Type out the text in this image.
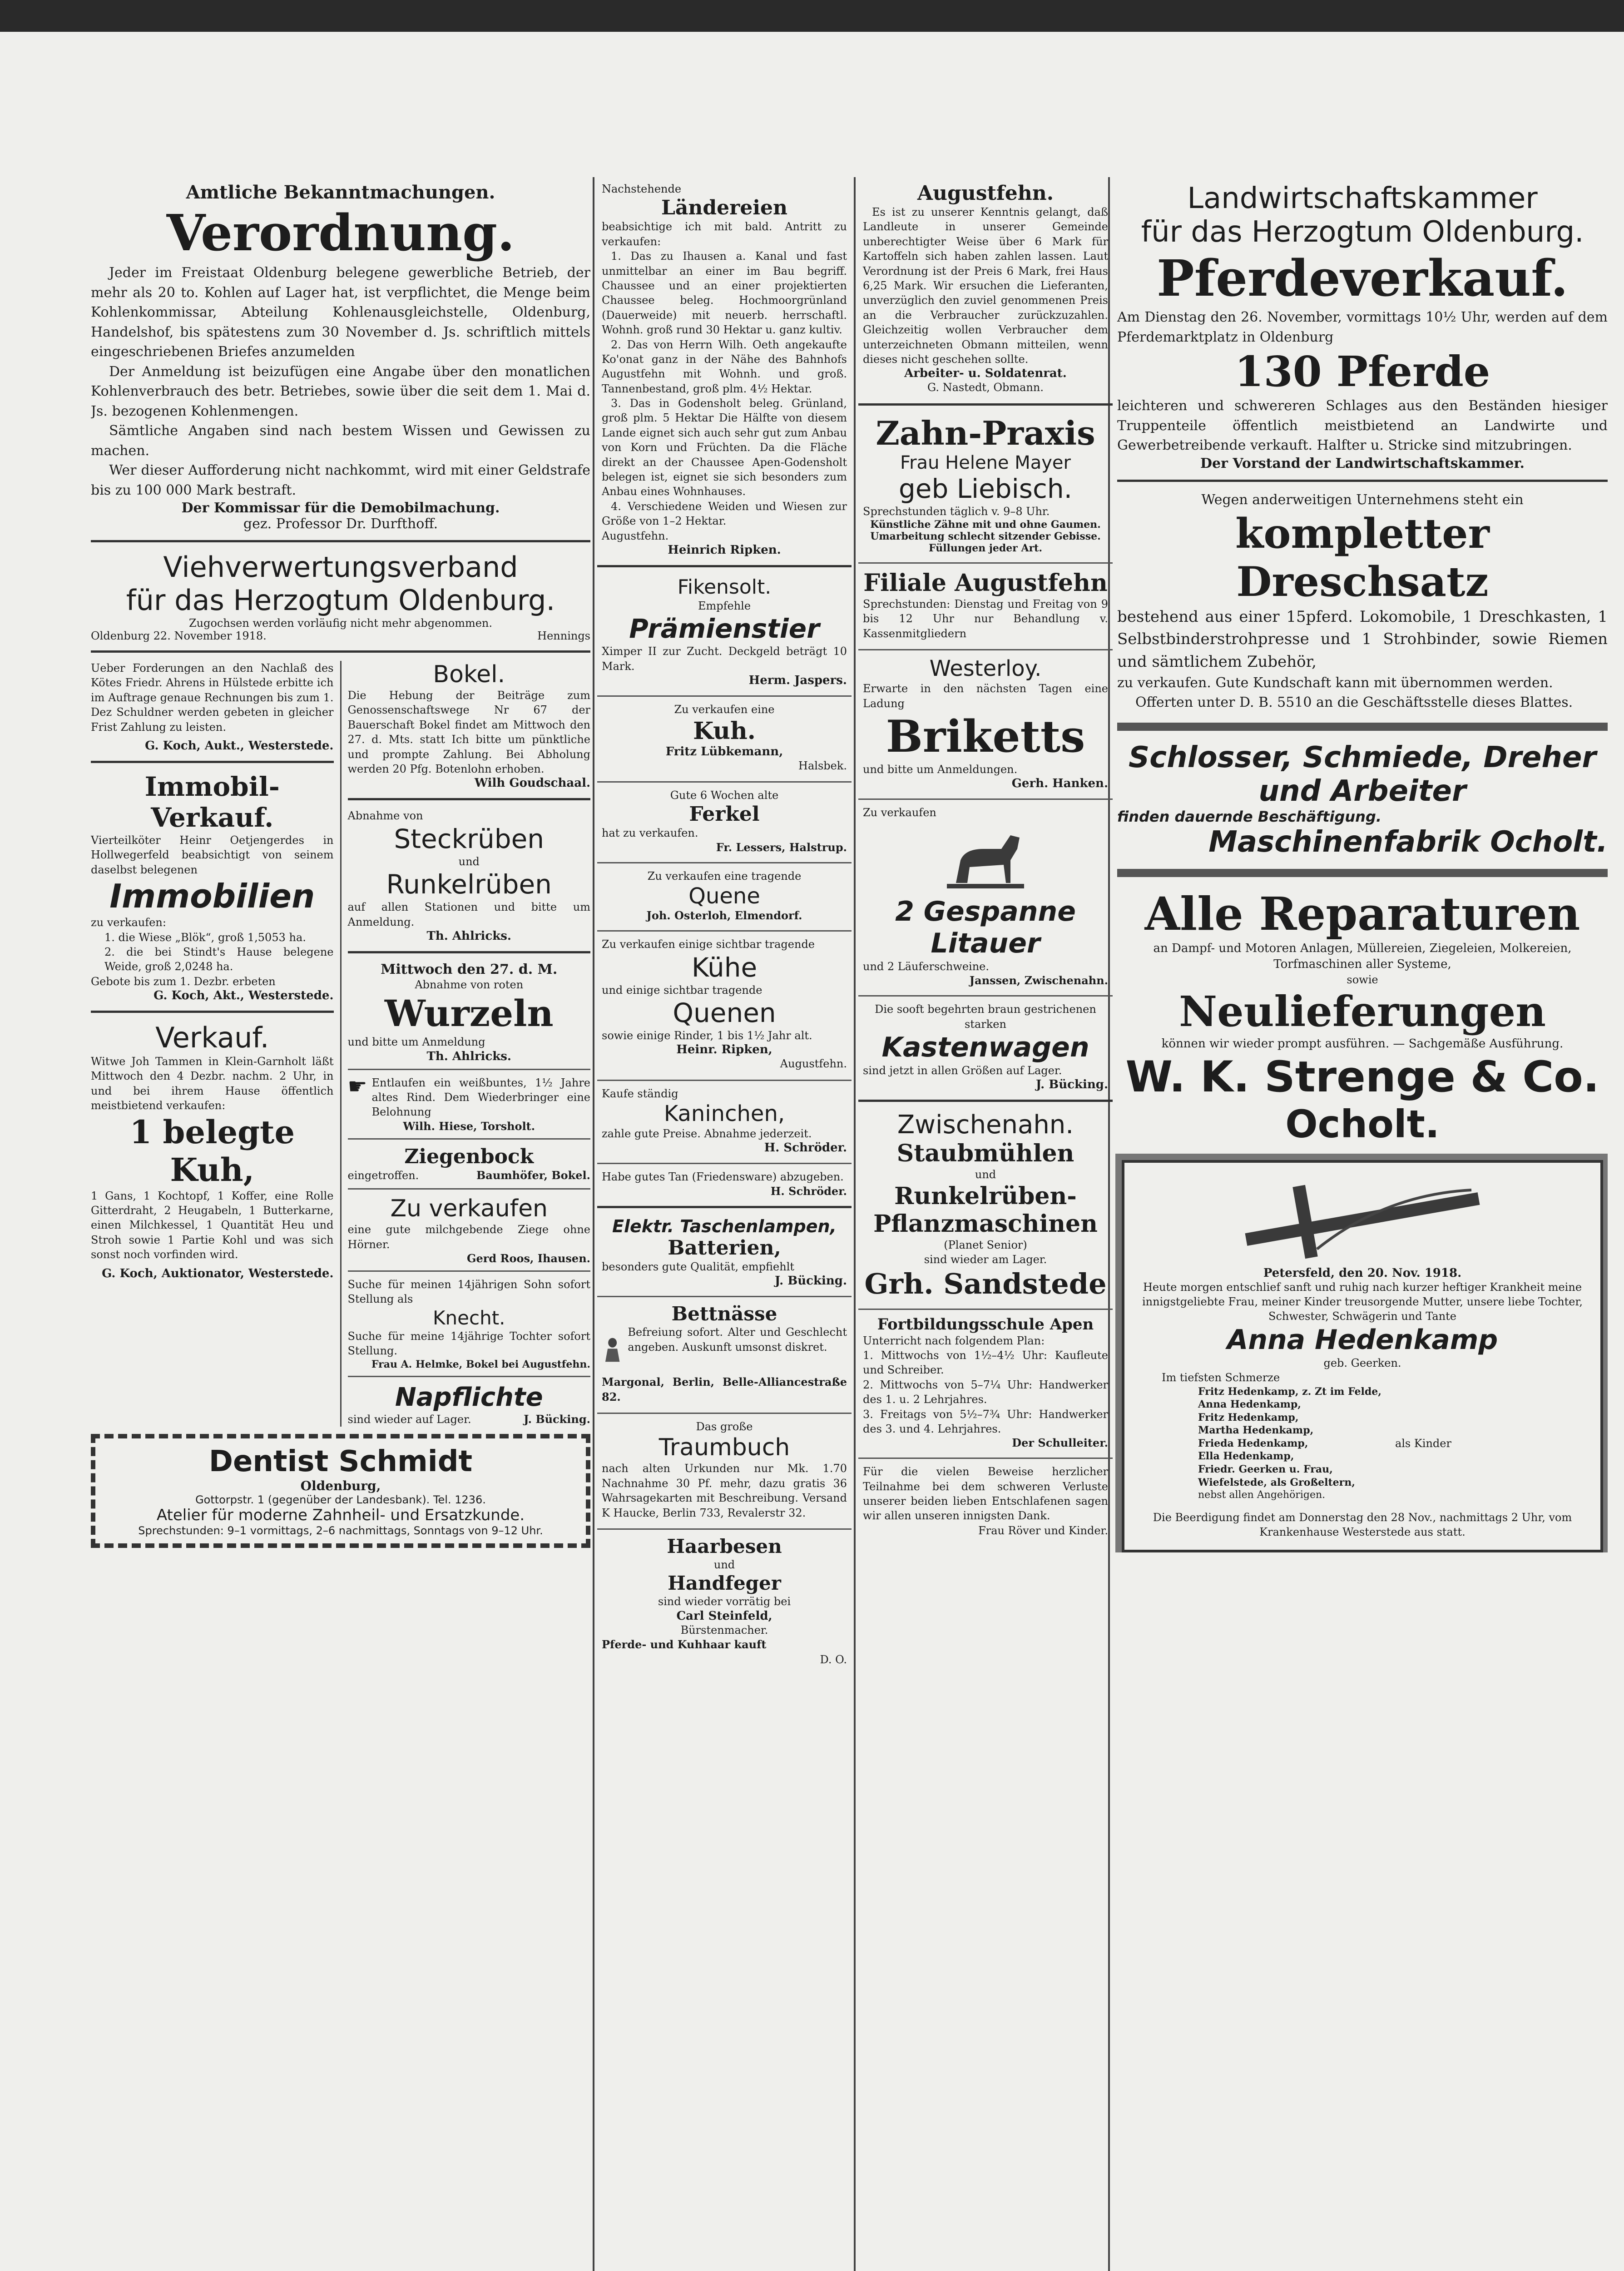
Amtliche Bekanntmachungen.

Verordnung.

Jeder im Freistaat Oldenburg belegene gewerbliche Betrieb, der mehr als 20 to. Kohlen auf Lager hat, ist verpflichtet, die Menge beim Kohlenkommissar, Abteilung Kohlenausgleichstelle, Oldenburg, Handelshof, bis spätestens zum 30 November d. Js. schriftlich mittels eingeschriebenen Briefes anzumelden

Der Anmeldung ist beizufügen eine Angabe über den monatlichen Kohlenverbrauch des betr. Betriebes, sowie über die seit dem 1. Mai d. Js. bezogenen Kohlenmengen.

Sämtliche Angaben sind nach bestem Wissen und Gewissen zu machen.

Wer dieser Aufforderung nicht nachkommt, wird mit einer Geldstrafe bis zu 100 000 Mark bestraft.

Der Kommissar für die Demobilmachung.

gez. Professor Dr. Durfthoff.

Viehverwertungsverband

für das Herzogtum Oldenburg.

Zugochsen werden vorläufig nicht mehr abgenommen.

Oldenburg 22. November 1918.	Hennings

Ueber Forderungen an den Nachlaß des Kötes Friedr. Ahrens in Hülstede erbitte ich im Auftrage genaue Rechnungen bis zum 1. Dez Schuldner werden gebeten in gleicher Frist Zahlung zu leisten.

G. Koch, Aukt., Westerstede.

Immobil-Verkauf.

Vierteilköter Heinr Oetjengerdes in Hollwegerfeld beabsichtigt von seinem daselbst belegenen

Immobilien

zu verkaufen:

1. die Wiese „Blök“, groß 1,5053 ha.

2. die bei Stindt's Hause belegene Weide, groß 2,0248 ha.

Gebote bis zum 1. Dezbr. erbeten

G. Koch, Akt., Westerstede.

Verkauf.

Witwe Joh Tammen in Klein-Garnholt läßt Mittwoch den 4 Dezbr. nachm. 2 Uhr, in und bei ihrem Hause öffentlich meistbietend verkaufen:

1 belegte Kuh,

1 Gans, 1 Kochtopf, 1 Koffer, eine Rolle Gitterdraht, 2 Heugabeln, 1 Butterkarne, einen Milchkessel, 1 Quantität Heu und Stroh sowie 1 Partie Kohl und was sich sonst noch vorfinden wird.

G. Koch, Auktionator, Westerstede.

Bokel.

Die Hebung der Beiträge zum Genossenschaftswege Nr 67 der Bauerschaft Bokel findet am Mittwoch den 27. d. Mts. statt Ich bitte um pünktliche und prompte Zahlung. Bei Abholung werden 20 Pfg. Botenlohn erhoben.

Wilh Goudschaal.

Abnahme von

Steckrüben

und

Runkelrüben

auf allen Stationen und bitte um Anmeldung.

Th. Ahlricks.

Mittwoch den 27. d. M.

Abnahme von roten

Wurzeln

und bitte um Anmeldung

Th. Ahlricks.

☛ Entlaufen ein weißbuntes, 1½ Jahre altes Rind. Dem Wiederbringer eine Belohnung

Wilh. Hiese, Torsholt.

Ziegenbock

eingetroffen.	Baumhöfer, Bokel.

Zu verkaufen

eine gute milchgebende Ziege ohne Hörner.

Gerd Roos, Ihausen.

Suche für meinen 14jährigen Sohn sofort Stellung als

Knecht.

Suche für meine 14jährige Tochter sofort Stellung.

Frau A. Helmke, Bokel bei Augustfehn.

Napflichte

sind wieder auf Lager.	J. Bücking.

Dentist Schmidt

Oldenburg,

Gottorpstr. 1 (gegenüber der Landesbank). Tel. 1236.

Atelier für moderne Zahnheil- und Ersatzkunde.

Sprechstunden: 9–1 vormittags, 2–6 nachmittags, Sonntags von 9–12 Uhr.

Nachstehende

Ländereien

beabsichtige ich mit bald. Antritt zu verkaufen:

1. Das zu Ihausen a. Kanal und fast unmittelbar an einer im Bau begriff. Chaussee und an einer projektierten Chaussee beleg. Hochmoorgrünland (Dauerweide) mit neuerb. herrschaftl. Wohnh. groß rund 30 Hektar u. ganz kultiv.

2. Das von Herrn Wilh. Oeth angekaufte Ko'onat ganz in der Nähe des Bahnhofs Augustfehn mit Wohnh. und groß. Tannenbestand, groß plm. 4½ Hektar.

3. Das in Godensholt beleg. Grünland, groß plm. 5 Hektar Die Hälfte von diesem Lande eignet sich auch sehr gut zum Anbau von Korn und Früchten. Da die Fläche direkt an der Chaussee Apen-Godensholt belegen ist, eignet sie sich besonders zum Anbau eines Wohnhauses.

4. Verschiedene Weiden und Wiesen zur Größe von 1–2 Hektar.

Augustfehn.

Heinrich Ripken.

Fikensolt.

Empfehle

Prämienstier

Ximper II zur Zucht. Deckgeld beträgt 10 Mark.

Herm. Jaspers.

Zu verkaufen eine

Kuh.

Fritz Lübkemann,

Halsbek.

Gute 6 Wochen alte

Ferkel

hat zu verkaufen.

Fr. Lessers, Halstrup.

Zu verkaufen eine tragende

Quene

Joh. Osterloh, Elmendorf.

Zu verkaufen einige sichtbar tragende

Kühe

und einige sichtbar tragende

Quenen

sowie einige Rinder, 1 bis 1½ Jahr alt.

Heinr. Ripken,

Augustfehn.

Kaufe ständig

Kaninchen,

zahle gute Preise. Abnahme jederzeit.

H. Schröder.

Habe gutes Tan (Friedensware) abzugeben.

H. Schröder.

Elektr. Taschenlampen,

Batterien,

besonders gute Qualität, empfiehlt

J. Bücking.

Bettnässe

Befreiung sofort. Alter und Geschlecht angeben. Auskunft umsonst diskret.

Margonal, Berlin, Belle-Alliancestraße 82.

Das große

Traumbuch

nach alten Urkunden nur Mk. 1.70 Nachnahme 30 Pf. mehr, dazu gratis 36 Wahrsagekarten mit Beschreibung. Versand K Haucke, Berlin 733, Revalerstr 32.

Haarbesen

und

Handfeger

sind wieder vorrätig bei

Carl Steinfeld,

Bürstenmacher.

Pferde- und Kuhhaar kauft

D. O.

Augustfehn.

Es ist zu unserer Kenntnis gelangt, daß Landleute in unserer Gemeinde unberechtigter Weise über 6 Mark für Kartoffeln sich haben zahlen lassen. Laut Verordnung ist der Preis 6 Mark, frei Haus 6,25 Mark. Wir ersuchen die Lieferanten, unverzüglich den zuviel genommenen Preis an die Verbraucher zurückzuzahlen. Gleichzeitig wollen Verbraucher dem unterzeichneten Obmann mitteilen, wenn dieses nicht geschehen sollte.

Arbeiter- u. Soldatenrat.

G. Nastedt, Obmann.

Zahn-Praxis

Frau Helene Mayer

geb Liebisch.

Sprechstunden täglich v. 9–8 Uhr.

Künstliche Zähne mit und ohne Gaumen.

Umarbeitung schlecht sitzender Gebisse.

Füllungen jeder Art.

Filiale Augustfehn

Sprechstunden: Dienstag und Freitag von 9 bis 12 Uhr nur Behandlung v. Kassenmitgliedern

Westerloy.

Erwarte in den nächsten Tagen eine Ladung

Briketts

und bitte um Anmeldungen.

Gerh. Hanken.

Zu verkaufen

2 Gespanne

Litauer

und 2 Läuferschweine.

Janssen, Zwischenahn.

Die sooft begehrten braun gestrichenen starken

Kastenwagen

sind jetzt in allen Größen auf Lager.

J. Bücking.

Zwischenahn.

Staubmühlen

und

Runkelrüben-

Pflanzmaschinen

(Planet Senior)

sind wieder am Lager.

Grh. Sandstede

Fortbildungsschule Apen

Unterricht nach folgendem Plan:

1. Mittwochs von 1½–4½ Uhr: Kaufleute und Schreiber.

2. Mittwochs von 5–7¼ Uhr: Handwerker des 1. u. 2 Lehrjahres.

3. Freitags von 5½–7¾ Uhr: Handwerker des 3. und 4. Lehrjahres.

Der Schulleiter.

Für die vielen Beweise herzlicher Teilnahme bei dem schweren Verluste unserer beiden lieben Entschlafenen sagen wir allen unseren innigsten Dank.

Frau Röver und Kinder.

Landwirtschaftskammer

für das Herzogtum Oldenburg.

Pferdeverkauf.

Am Dienstag den 26. November, vormittags 10½ Uhr, werden auf dem Pferdemarktplatz in Oldenburg

130 Pferde

leichteren und schwereren Schlages aus den Beständen hiesiger Truppenteile öffentlich meistbietend an Landwirte und Gewerbetreibende verkauft. Halfter u. Stricke sind mitzubringen.

Der Vorstand der Landwirtschaftskammer.

Wegen anderweitigen Unternehmens steht ein

kompletter Dreschsatz

bestehend aus einer 15pferd. Lokomobile, 1 Dreschkasten, 1 Selbstbinderstrohpresse und 1 Strohbinder, sowie Riemen und sämtlichem Zubehör,

zu verkaufen. Gute Kundschaft kann mit übernommen werden.

Offerten unter D. B. 5510 an die Geschäftsstelle dieses Blattes.

Schlosser, Schmiede, Dreher

und Arbeiter

finden dauernde Beschäftigung.

Maschinenfabrik Ocholt.

Alle Reparaturen

an Dampf- und Motoren Anlagen, Müllereien, Ziegeleien, Molkereien, Torfmaschinen aller Systeme,

sowie

Neulieferungen

können wir wieder prompt ausführen. — Sachgemäße Ausführung.

W. K. Strenge & Co.

Ocholt.

Petersfeld, den 20. Nov. 1918.

Heute morgen entschlief sanft und ruhig nach kurzer heftiger Krankheit meine innigstgeliebte Frau, meiner Kinder treusorgende Mutter, unsere liebe Tochter, Schwester, Schwägerin und Tante

Anna Hedenkamp

geb. Geerken.

Im tiefsten Schmerze

Fritz Hedenkamp, z. Zt im Felde,

Anna Hedenkamp,

Fritz Hedenkamp,

Martha Hedenkamp,

Frieda Hedenkamp,

Ella Hedenkamp,

Friedr. Geerken u. Frau,

Wiefelstede, als Großeltern,

nebst allen Angehörigen.

als Kinder

Die Beerdigung findet am Donnerstag den 28 Nov., nachmittags 2 Uhr, vom Krankenhause Westerstede aus statt.
